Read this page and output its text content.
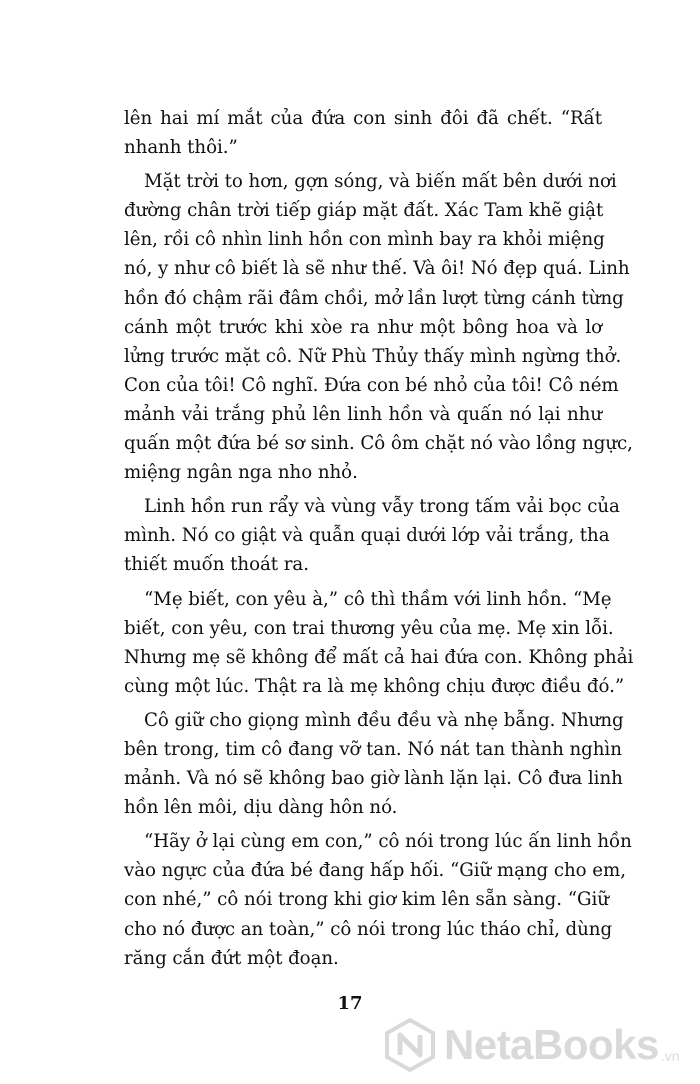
lên hai mí mắt của đứa con sinh đôi đã chết. “Rất
nhanh thôi.”

Mặt trời to hơn, gợn sóng, và biến mất bên dưới nơi
đường chân trời tiếp giáp mặt đất. Xác Tam khẽ giật
lên, rồi cô nhìn linh hồn con mình bay ra khỏi miệng
nó, y như cô biết là sẽ như thế. Và ôi! Nó đẹp quá. Linh
hồn đó chậm rãi đâm chồi, mở lần lượt từng cánh từng
cánh một trước khi xòe ra như một bông hoa và lơ
lửng trước mặt cô. Nữ Phù Thủy thấy mình ngừng thở.
Con của tôi! Cô nghĩ. Đứa con bé nhỏ của tôi! Cô ném
mảnh vải trắng phủ lên linh hồn và quấn nó lại như
quấn một đứa bé sơ sinh. Cô ôm chặt nó vào lồng ngực,
miệng ngân nga nho nhỏ.

Linh hồn run rẩy và vùng vẫy trong tấm vải bọc của
mình. Nó co giật và quẫn quại dưới lớp vải trắng, tha
thiết muốn thoát ra.

“Mẹ biết, con yêu à,” cô thì thầm với linh hồn. “Mẹ
biết, con yêu, con trai thương yêu của mẹ. Mẹ xin lỗi.
Nhưng mẹ sẽ không để mất cả hai đứa con. Không phải
cùng một lúc. Thật ra là mẹ không chịu được điều đó.”

Cô giữ cho giọng mình đều đều và nhẹ bẫng. Nhưng
bên trong, tim cô đang vỡ tan. Nó nát tan thành nghìn
mảnh. Và nó sẽ không bao giờ lành lặn lại. Cô đưa linh
hồn lên môi, dịu dàng hôn nó.

“Hãy ở lại cùng em con,” cô nói trong lúc ấn linh hồn
vào ngực của đứa bé đang hấp hối. “Giữ mạng cho em,
con nhé,” cô nói trong khi giơ kim lên sẵn sàng. “Giữ
cho nó được an toàn,” cô nói trong lúc tháo chỉ, dùng
răng cắn đứt một đoạn.

17
NetaBooks .vn
